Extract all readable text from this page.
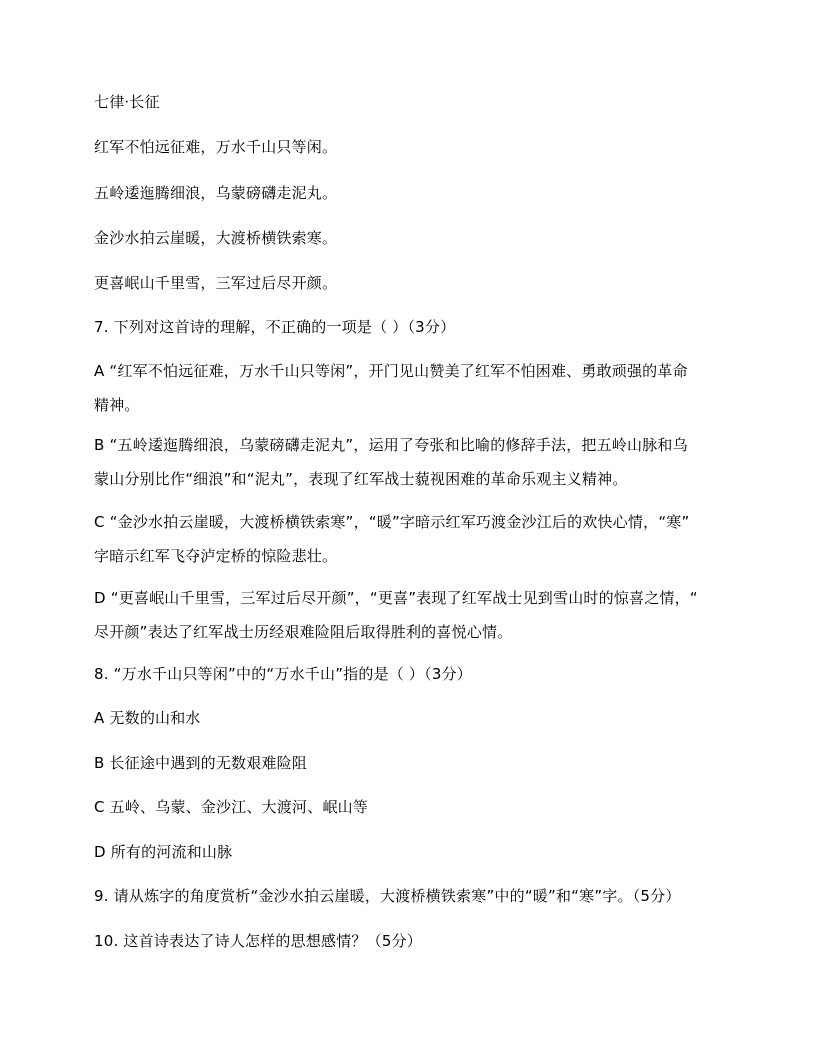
七律·长征
红军不怕远征难，万水千山只等闲。
五岭逶迤腾细浪，乌蒙磅礴走泥丸。
金沙水拍云崖暖，大渡桥横铁索寒。
更喜岷山千里雪，三军过后尽开颜。
7. 下列对这首诗的理解，不正确的一项是（ ）（3分）
A “红军不怕远征难，万水千山只等闲”，开门见山赞美了红军不怕困难、勇敢顽强的革命
精神。
B “五岭逶迤腾细浪，乌蒙磅礴走泥丸”，运用了夸张和比喻的修辞手法，把五岭山脉和乌
蒙山分别比作“细浪”和“泥丸”，表现了红军战士藐视困难的革命乐观主义精神。
C “金沙水拍云崖暖，大渡桥横铁索寒”，“暖”字暗示红军巧渡金沙江后的欢快心情，“寒”
字暗示红军飞夺泸定桥的惊险悲壮。
D “更喜岷山千里雪，三军过后尽开颜”，“更喜”表现了红军战士见到雪山时的惊喜之情，“
尽开颜”表达了红军战士历经艰难险阻后取得胜利的喜悦心情。
8. “万水千山只等闲”中的“万水千山”指的是（ ）（3分）
A 无数的山和水
B 长征途中遇到的无数艰难险阻
C 五岭、乌蒙、金沙江、大渡河、岷山等
D 所有的河流和山脉
9. 请从炼字的角度赏析“金沙水拍云崖暖，大渡桥横铁索寒”中的“暖”和“寒”字。（5分）
10. 这首诗表达了诗人怎样的思想感情？（5分）
